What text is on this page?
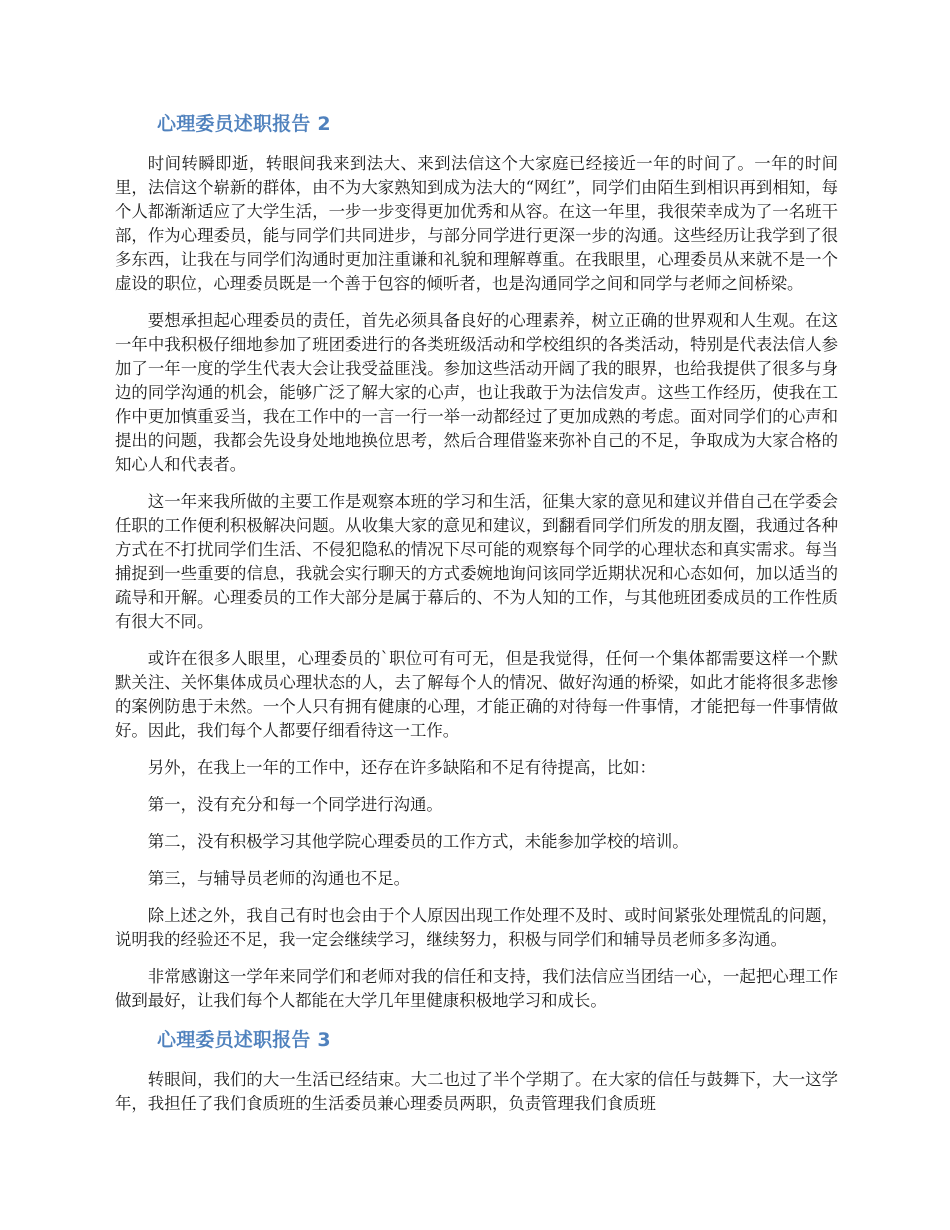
心理委员述职报告 2

时间转瞬即逝，转眼间我来到法大、来到法信这个大家庭已经接近一年的时间了。一年的时间里，法信这个崭新的群体，由不为大家熟知到成为法大的“网红”，同学们由陌生到相识再到相知，每个人都渐渐适应了大学生活，一步一步变得更加优秀和从容。在这一年里，我很荣幸成为了一名班干部，作为心理委员，能与同学们共同进步，与部分同学进行更深一步的沟通。这些经历让我学到了很多东西，让我在与同学们沟通时更加注重谦和礼貌和理解尊重。在我眼里，心理委员从来就不是一个虚设的职位，心理委员既是一个善于包容的倾听者，也是沟通同学之间和同学与老师之间桥梁。

要想承担起心理委员的责任，首先必须具备良好的心理素养，树立正确的世界观和人生观。在这一年中我积极仔细地参加了班团委进行的各类班级活动和学校组织的各类活动，特别是代表法信人参加了一年一度的学生代表大会让我受益匪浅。参加这些活动开阔了我的眼界，也给我提供了很多与身边的同学沟通的机会，能够广泛了解大家的心声，也让我敢于为法信发声。这些工作经历，使我在工作中更加慎重妥当，我在工作中的一言一行一举一动都经过了更加成熟的考虑。面对同学们的心声和提出的问题，我都会先设身处地地换位思考，然后合理借鉴来弥补自己的不足，争取成为大家合格的知心人和代表者。

这一年来我所做的主要工作是观察本班的学习和生活，征集大家的意见和建议并借自己在学委会任职的工作便利积极解决问题。从收集大家的意见和建议，到翻看同学们所发的朋友圈，我通过各种方式在不打扰同学们生活、不侵犯隐私的情况下尽可能的观察每个同学的心理状态和真实需求。每当捕捉到一些重要的信息，我就会实行聊天的方式委婉地询问该同学近期状况和心态如何，加以适当的疏导和开解。心理委员的工作大部分是属于幕后的、不为人知的工作，与其他班团委成员的工作性质有很大不同。

或许在很多人眼里，心理委员的`职位可有可无，但是我觉得，任何一个集体都需要这样一个默默关注、关怀集体成员心理状态的人，去了解每个人的情况、做好沟通的桥梁，如此才能将很多悲惨的案例防患于未然。一个人只有拥有健康的心理，才能正确的对待每一件事情，才能把每一件事情做好。因此，我们每个人都要仔细看待这一工作。

另外，在我上一年的工作中，还存在许多缺陷和不足有待提高，比如：

第一，没有充分和每一个同学进行沟通。

第二，没有积极学习其他学院心理委员的工作方式，未能参加学校的培训。

第三，与辅导员老师的沟通也不足。

除上述之外，我自己有时也会由于个人原因出现工作处理不及时、或时间紧张处理慌乱的问题，说明我的经验还不足，我一定会继续学习，继续努力，积极与同学们和辅导员老师多多沟通。

非常感谢这一学年来同学们和老师对我的信任和支持，我们法信应当团结一心，一起把心理工作做到最好，让我们每个人都能在大学几年里健康积极地学习和成长。

心理委员述职报告 3

转眼间，我们的大一生活已经结束。大二也过了半个学期了。在大家的信任与鼓舞下，大一这学年，我担任了我们食质班的生活委员兼心理委员两职，负责管理我们食质班
